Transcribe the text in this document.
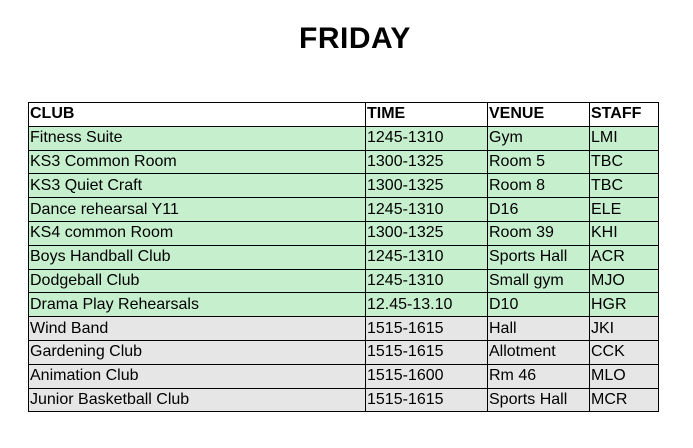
FRIDAY
CLUB	TIME	VENUE	STAFF
Fitness Suite	1245-1310	Gym	LMI
KS3 Common Room	1300-1325	Room 5	TBC
KS3 Quiet Craft	1300-1325	Room 8	TBC
Dance rehearsal Y11	1245-1310	D16	ELE
KS4 common Room	1300-1325	Room 39	KHI
Boys Handball Club	1245-1310	Sports Hall	ACR
Dodgeball Club	1245-1310	Small gym	MJO
Drama Play Rehearsals	12.45-13.10	D10	HGR
Wind Band	1515-1615	Hall	JKI
Gardening Club	1515-1615	Allotment	CCK
Animation Club	1515-1600	Rm 46	MLO
Junior Basketball Club	1515-1615	Sports Hall	MCR
